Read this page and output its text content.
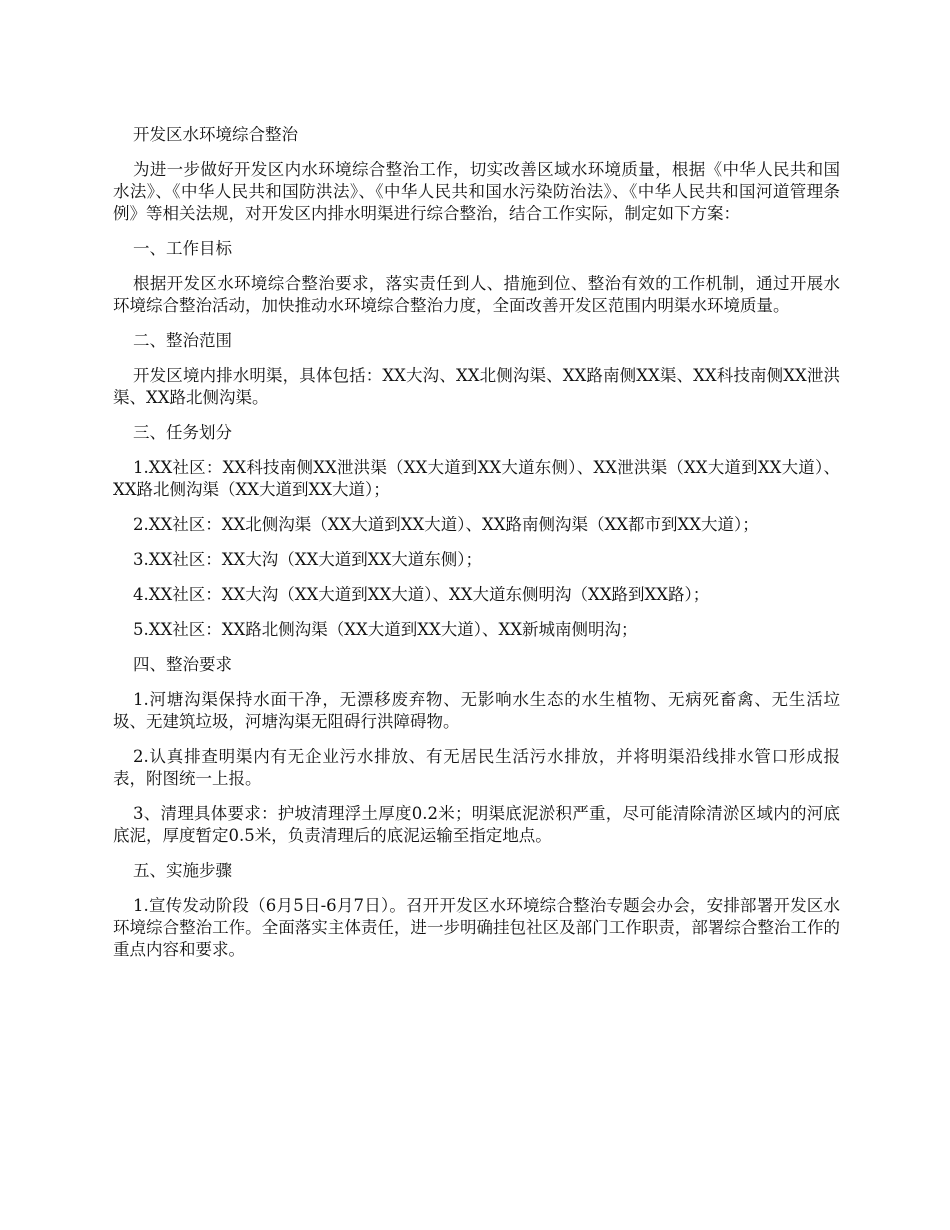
开发区水环境综合整治

为进一步做好开发区内水环境综合整治工作，切实改善区域水环境质量，根据《中华人民共和国水法》、《中华人民共和国防洪法》、《中华人民共和国水污染防治法》、《中华人民共和国河道管理条例》等相关法规，对开发区内排水明渠进行综合整治，结合工作实际，制定如下方案：

一、工作目标

根据开发区水环境综合整治要求，落实责任到人、措施到位、整治有效的工作机制，通过开展水环境综合整治活动，加快推动水环境综合整治力度，全面改善开发区范围内明渠水环境质量。

二、整治范围

开发区境内排水明渠，具体包括：XX大沟、XX北侧沟渠、XX路南侧XX渠、XX科技南侧XX泄洪渠、XX路北侧沟渠。

三、任务划分

1.XX社区：XX科技南侧XX泄洪渠（XX大道到XX大道东侧）、XX泄洪渠（XX大道到XX大道）、XX路北侧沟渠（XX大道到XX大道）；

2.XX社区：XX北侧沟渠（XX大道到XX大道）、XX路南侧沟渠（XX都市到XX大道）；

3.XX社区：XX大沟（XX大道到XX大道东侧）；

4.XX社区：XX大沟（XX大道到XX大道）、XX大道东侧明沟（XX路到XX路）；

5.XX社区：XX路北侧沟渠（XX大道到XX大道）、XX新城南侧明沟；

四、整治要求

1.河塘沟渠保持水面干净，无漂移废弃物、无影响水生态的水生植物、无病死畜禽、无生活垃圾、无建筑垃圾，河塘沟渠无阻碍行洪障碍物。

2.认真排查明渠内有无企业污水排放、有无居民生活污水排放，并将明渠沿线排水管口形成报表，附图统一上报。

3、清理具体要求：护坡清理浮土厚度0.2米；明渠底泥淤积严重，尽可能清除清淤区域内的河底底泥，厚度暂定0.5米，负责清理后的底泥运输至指定地点。

五、实施步骤

1.宣传发动阶段（6月5日-6月7日）。召开开发区水环境综合整治专题会办会，安排部署开发区水环境综合整治工作。全面落实主体责任，进一步明确挂包社区及部门工作职责，部署综合整治工作的重点内容和要求。
